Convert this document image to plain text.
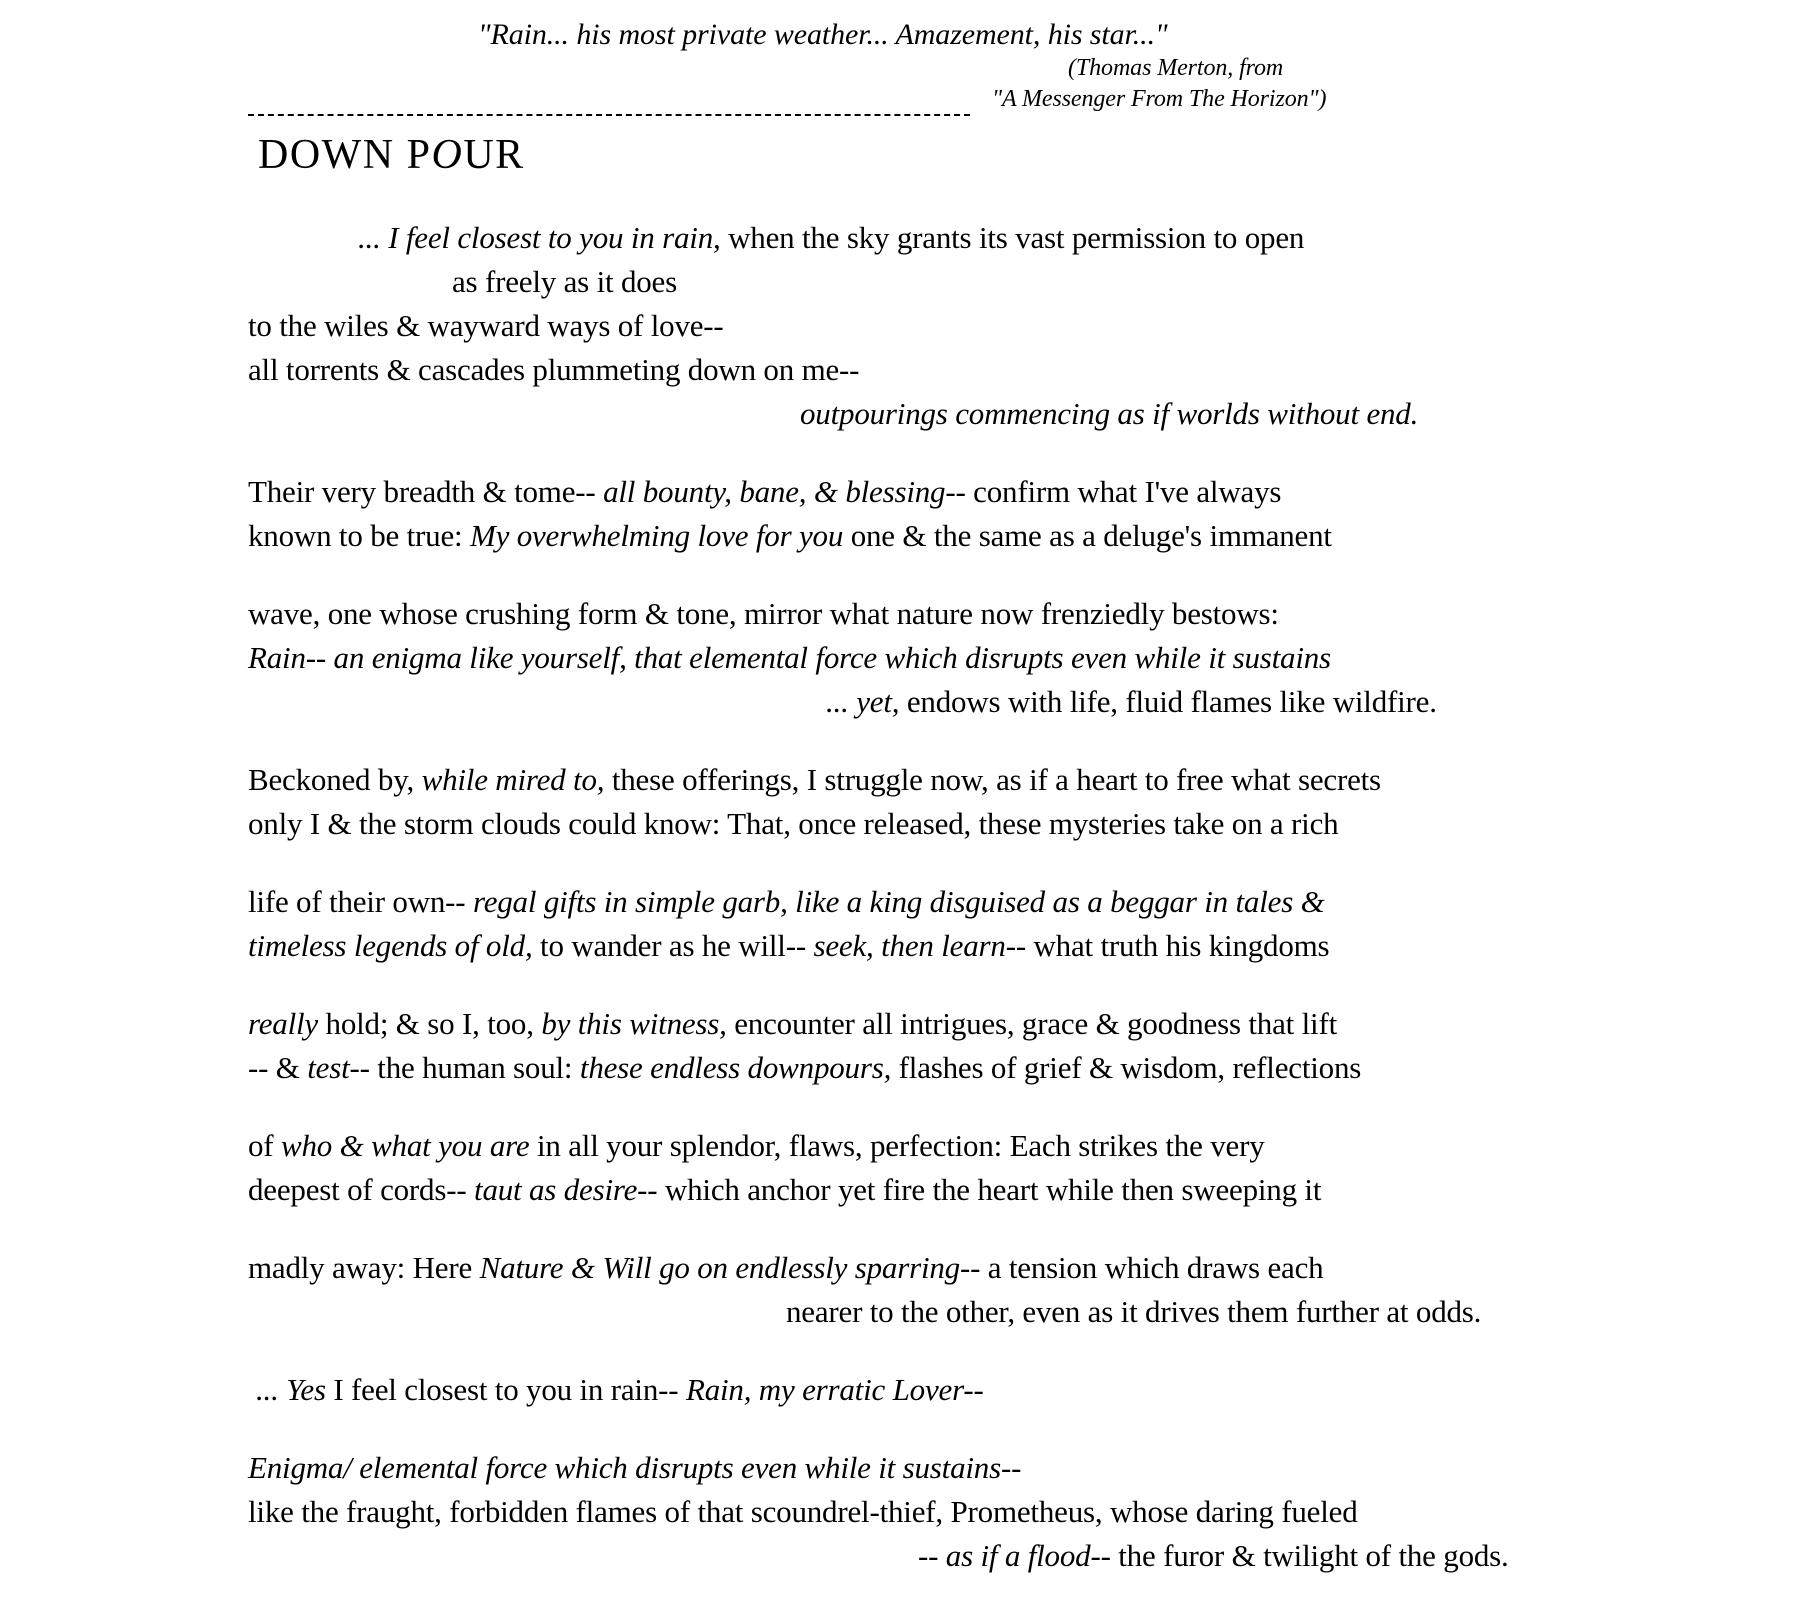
"Rain... his most private weather... Amazement, his star..."
(Thomas Merton, from
"A Messenger From The Horizon")
DOWN POUR
... I feel closest to you in rain, when the sky grants its vast permission to open
as freely as it does
to the wiles & wayward ways of love--
all torrents & cascades plummeting down on me--
outpourings commencing as if worlds without end.
Their very breadth & tome-- all bounty, bane, & blessing-- confirm what I've always
known to be true: My overwhelming love for you one & the same as a deluge's immanent
wave, one whose crushing form & tone, mirror what nature now frenziedly bestows:
Rain-- an enigma like yourself, that elemental force which disrupts even while it sustains
... yet, endows with life, fluid flames like wildfire.
Beckoned by, while mired to, these offerings, I struggle now, as if a heart to free what secrets
only I & the storm clouds could know: That, once released, these mysteries take on a rich
life of their own-- regal gifts in simple garb, like a king disguised as a beggar in tales &
timeless legends of old, to wander as he will-- seek, then learn-- what truth his kingdoms
really hold; & so I, too, by this witness, encounter all intrigues, grace & goodness that lift
-- & test-- the human soul: these endless downpours, flashes of grief & wisdom, reflections
of who & what you are in all your splendor, flaws, perfection: Each strikes the very
deepest of cords-- taut as desire-- which anchor yet fire the heart while then sweeping it
madly away: Here Nature & Will go on endlessly sparring-- a tension which draws each
nearer to the other, even as it drives them further at odds.
... Yes I feel closest to you in rain-- Rain, my erratic Lover--
Enigma/ elemental force which disrupts even while it sustains--
like the fraught, forbidden flames of that scoundrel-thief, Prometheus, whose daring fueled
-- as if a flood-- the furor & twilight of the gods.
